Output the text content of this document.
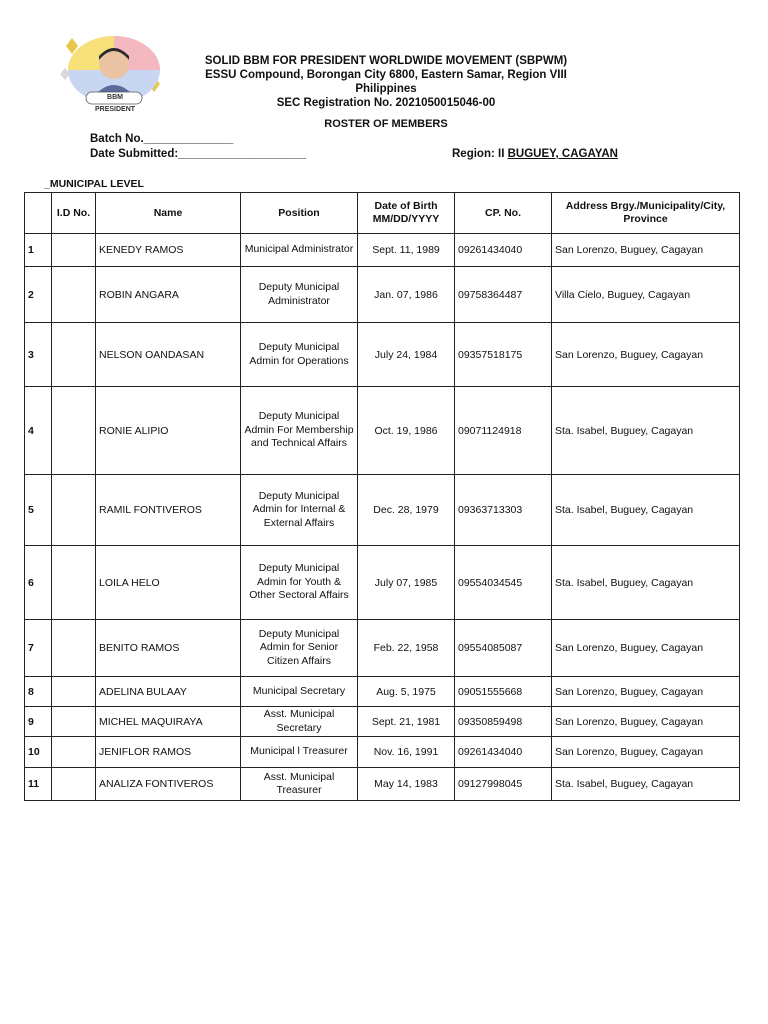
BBM PRESIDENT
SOLID BBM FOR PRESIDENT WORLDWIDE MOVEMENT (SBPWM)
ESSU Compound, Borongan City 6800, Eastern Samar, Region VIII
Philippines
SEC Registration No. 2021050015046-00
ROSTER OF MEMBERS
Batch No.______________
Date Submitted:____________________	Region: II BUGUEY, CAGAYAN
_MUNICIPAL LEVEL
	I.D No.	Name	Position	Date of Birth MM/DD/YYYY	CP. No.	Address Brgy./Municipality/City, Province
1		KENEDY RAMOS	Municipal Administrator	Sept. 11, 1989	09261434040	San Lorenzo, Buguey, Cagayan
2		ROBIN ANGARA	Deputy Municipal Administrator	Jan. 07, 1986	09758364487	Villa Cielo, Buguey, Cagayan
3		NELSON OANDASAN	Deputy Municipal Admin for Operations	July 24, 1984	09357518175	San Lorenzo, Buguey, Cagayan
4		RONIE ALIPIO	Deputy Municipal Admin For Membership and Technical Affairs	Oct. 19, 1986	09071124918	Sta. Isabel, Buguey, Cagayan
5		RAMIL FONTIVEROS	Deputy Municipal Admin for Internal & External Affairs	Dec. 28, 1979	09363713303	Sta. Isabel, Buguey, Cagayan
6		LOILA HELO	Deputy Municipal Admin for Youth & Other Sectoral Affairs	July 07, 1985	09554034545	Sta. Isabel, Buguey, Cagayan
7		BENITO RAMOS	Deputy Municipal Admin for Senior Citizen Affairs	Feb. 22, 1958	09554085087	San Lorenzo, Buguey, Cagayan
8		ADELINA BULAAY	Municipal Secretary	Aug. 5, 1975	09051555668	San Lorenzo, Buguey, Cagayan
9		MICHEL MAQUIRAYA	Asst. Municipal Secretary	Sept. 21, 1981	09350859498	San Lorenzo, Buguey, Cagayan
10		JENIFLOR RAMOS	Municipal l Treasurer	Nov. 16, 1991	09261434040	San Lorenzo, Buguey, Cagayan
11		ANALIZA FONTIVEROS	Asst. Municipal Treasurer	May 14, 1983	09127998045	Sta. Isabel, Buguey, Cagayan
